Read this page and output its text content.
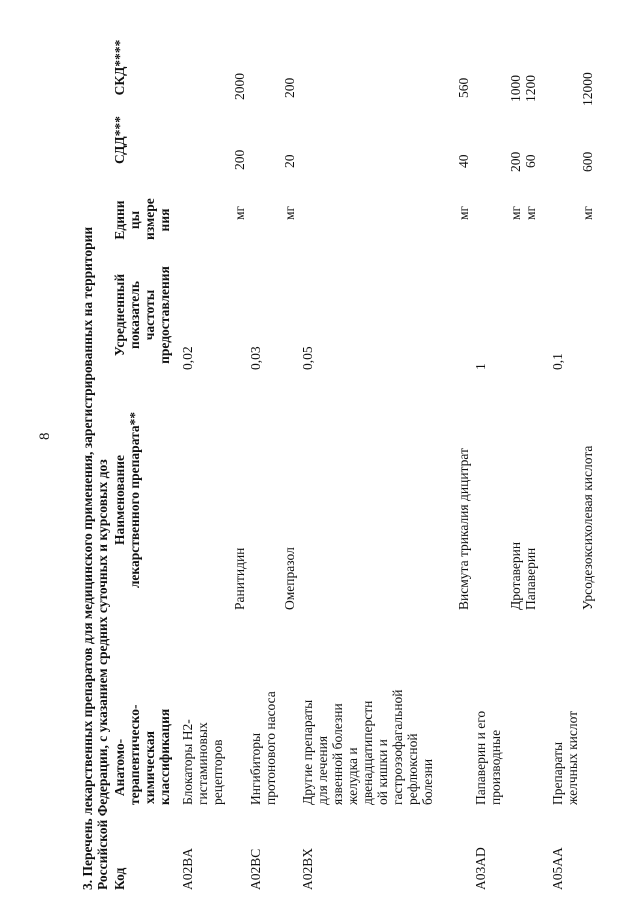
8 3. Перечень лекарственных препаратов для медицинского применения, зарегистрированных на территории Российской Федерации, с указанием средних суточных и курсовых доз Код
Анатомо-терапевтическо-химическая классификация
Наименование лекарственного препарата**
Усредненный показатель частоты предоставления
Едини цы измере ния
СДД***
СКД****
A02BA
Блокаторы Н2-гистаминовых рецепторов
0,02
Ранитидин
мг
200
2000
A02BC
Ингибиторы протонового насоса
0,03
Омепразол
мг
20
200
A02BX
Другие препараты для лечения язвенной болезни желудка и двенадцатиперстн ой кишки и гастроэзофагальной рефлюксной болезни
0,05
Висмута трикалия дицитрат
мг
40
560
A03AD
Папаверин и его производные
1
Дротаверин
мг
200
1000
Папаверин
мг
60
1200
A05AA
Препараты желчных кислот
0,1
Урсодезоксихолевая кислота
мг
600
12000
